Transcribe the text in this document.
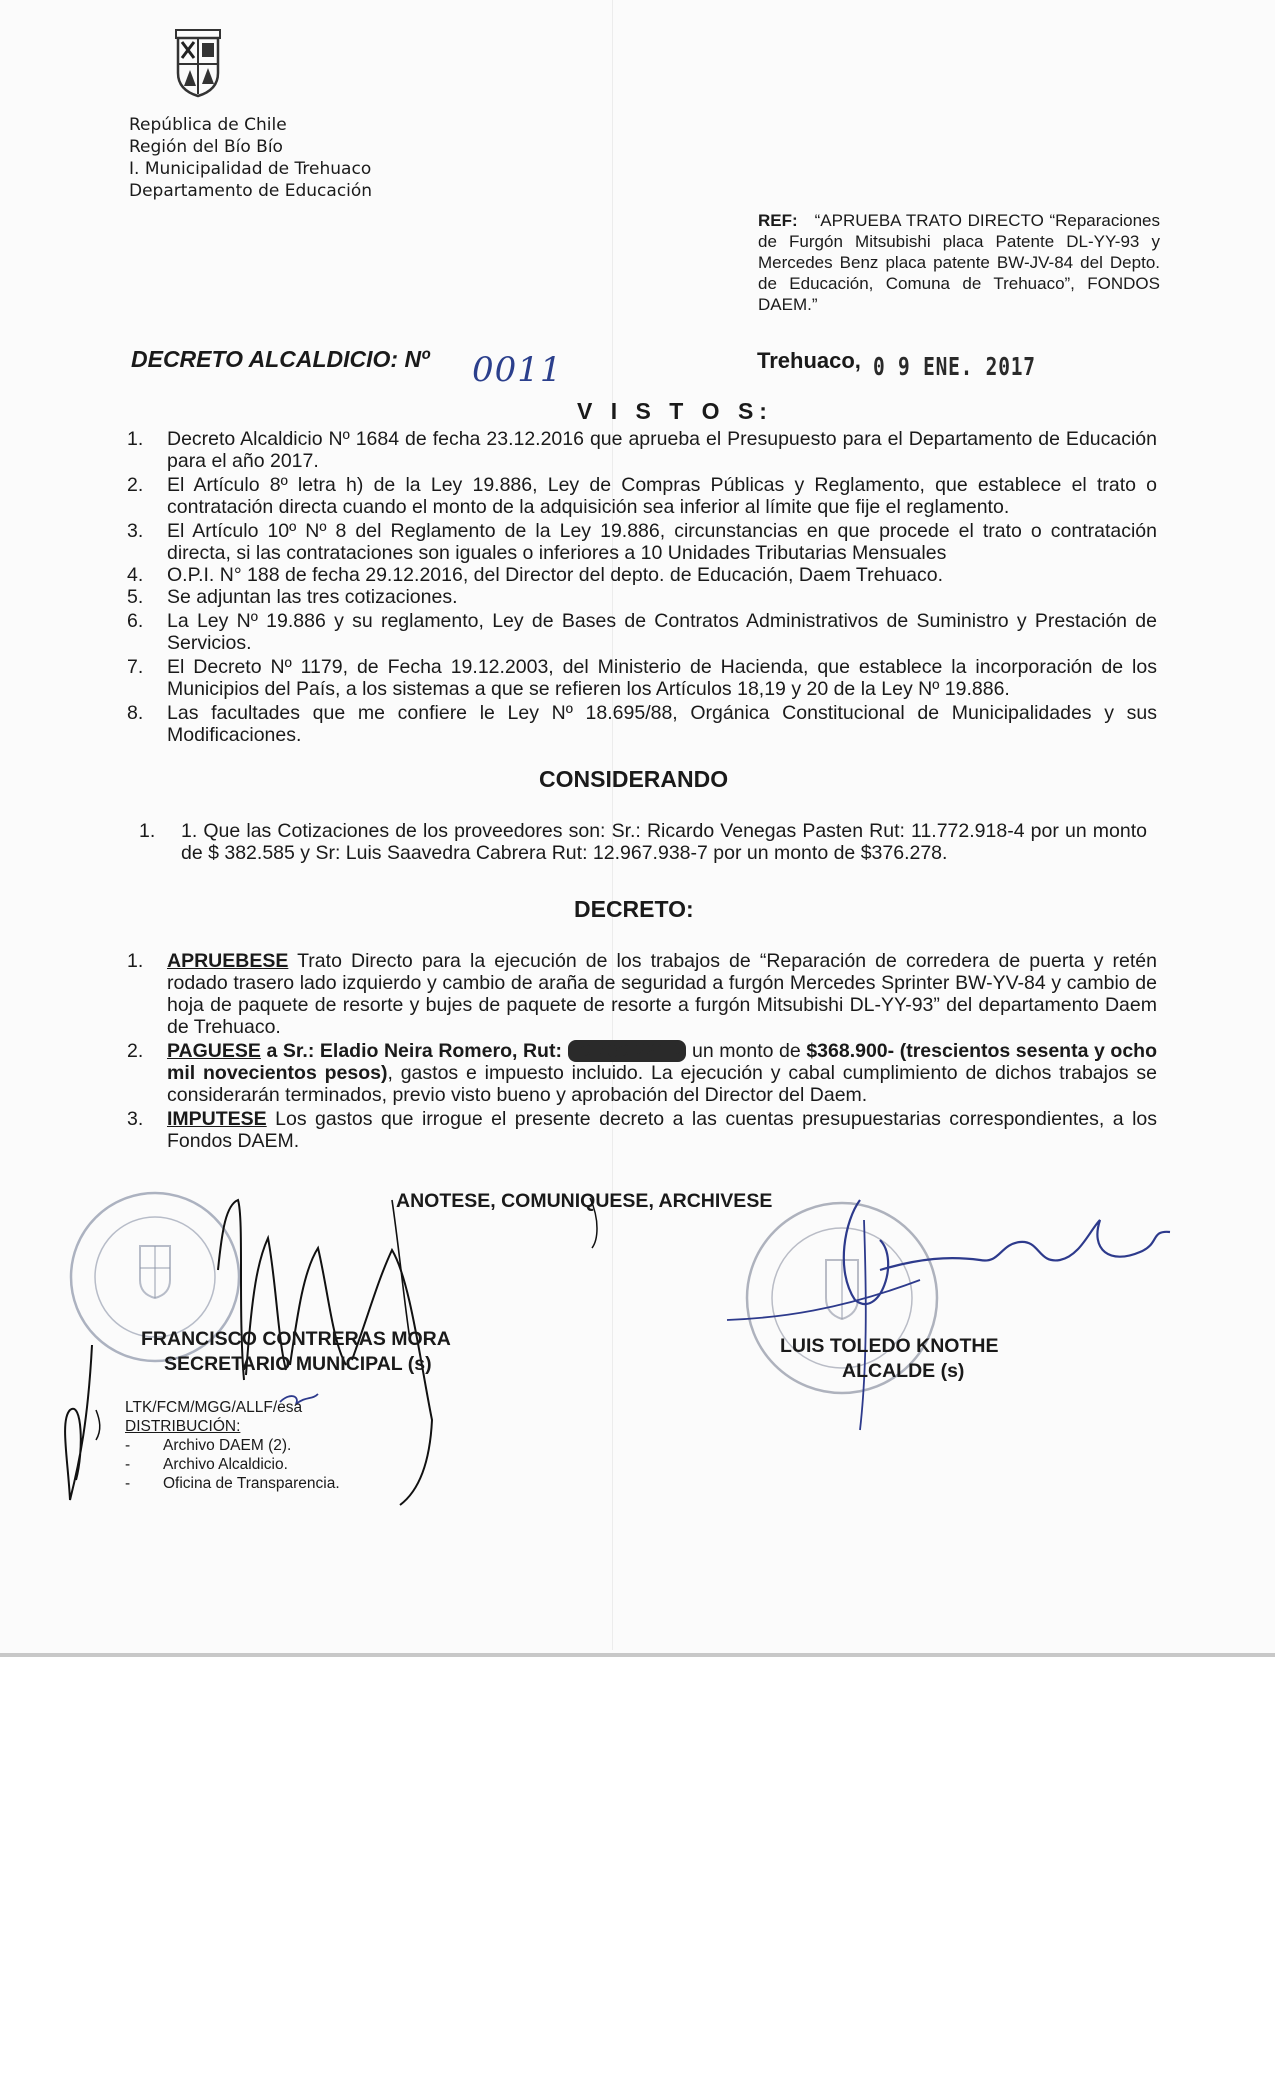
República de Chile
Región del Bío Bío
I. Municipalidad de Trehuaco
Departamento de Educación
REF: “APRUEBA TRATO DIRECTO “Reparaciones de Furgón Mitsubishi placa Patente DL-YY-93 y Mercedes Benz placa patente BW-JV-84 del Depto. de Educación, Comuna de Trehuaco”, FONDOS DAEM.”
DECRETO ALCALDICIO: Nº 0011	Trehuaco, 0 9 ENE. 2017
V I S T O S:
1. Decreto Alcaldicio Nº 1684 de fecha 23.12.2016 que aprueba el Presupuesto para el Departamento de Educación para el año 2017.
2. El Artículo 8º letra h) de la Ley 19.886, Ley de Compras Públicas y Reglamento, que establece el trato o contratación directa cuando el monto de la adquisición sea inferior al límite que fije el reglamento.
3. El Artículo 10º Nº 8 del Reglamento de la Ley 19.886, circunstancias en que procede el trato o contratación directa, si las contrataciones son iguales o inferiores a 10 Unidades Tributarias Mensuales
4. O.P.I. N° 188 de fecha 29.12.2016, del Director del depto. de Educación, Daem Trehuaco.
5. Se adjuntan las tres cotizaciones.
6. La Ley Nº 19.886 y su reglamento, Ley de Bases de Contratos Administrativos de Suministro y Prestación de Servicios.
7. El Decreto Nº 1179, de Fecha 19.12.2003, del Ministerio de Hacienda, que establece la incorporación de los Municipios del País, a los sistemas a que se refieren los Artículos 18,19 y 20 de la Ley Nº 19.886.
8. Las facultades que me confiere le Ley Nº 18.695/88, Orgánica Constitucional de Municipalidades y sus Modificaciones.
CONSIDERANDO
1. 1. Que las Cotizaciones de los proveedores son: Sr.: Ricardo Venegas Pasten Rut: 11.772.918-4 por un monto de $ 382.585 y Sr: Luis Saavedra Cabrera Rut: 12.967.938-7 por un monto de $376.278.
DECRETO:
1. APRUEBESE Trato Directo para la ejecución de los trabajos de “Reparación de corredera de puerta y retén rodado trasero lado izquierdo y cambio de araña de seguridad a furgón Mercedes Sprinter BW-YV-84 y cambio de hoja de paquete de resorte y bujes de paquete de resorte a furgón Mitsubishi DL-YY-93” del departamento Daem de Trehuaco.
2. PAGUESE a Sr.: Eladio Neira Romero, Rut: 10.730.221-2 un monto de $368.900- (trescientos sesenta y ocho mil novecientos pesos), gastos e impuesto incluido. La ejecución y cabal cumplimiento de dichos trabajos se considerarán terminados, previo visto bueno y aprobación del Director del Daem.
3. IMPUTESE Los gastos que irrogue el presente decreto a las cuentas presupuestarias correspondientes, a los Fondos DAEM.
ANOTESE, COMUNIQUESE, ARCHIVESE
FRANCISCO CONTRERAS MORA
SECRETARIO MUNICIPAL (s)
LUIS TOLEDO KNOTHE
ALCALDE (s)
LTK/FCM/MGG/ALLF/esa
DISTRIBUCIÓN:
- Archivo DAEM (2).
- Archivo Alcaldicio.
- Oficina de Transparencia.
